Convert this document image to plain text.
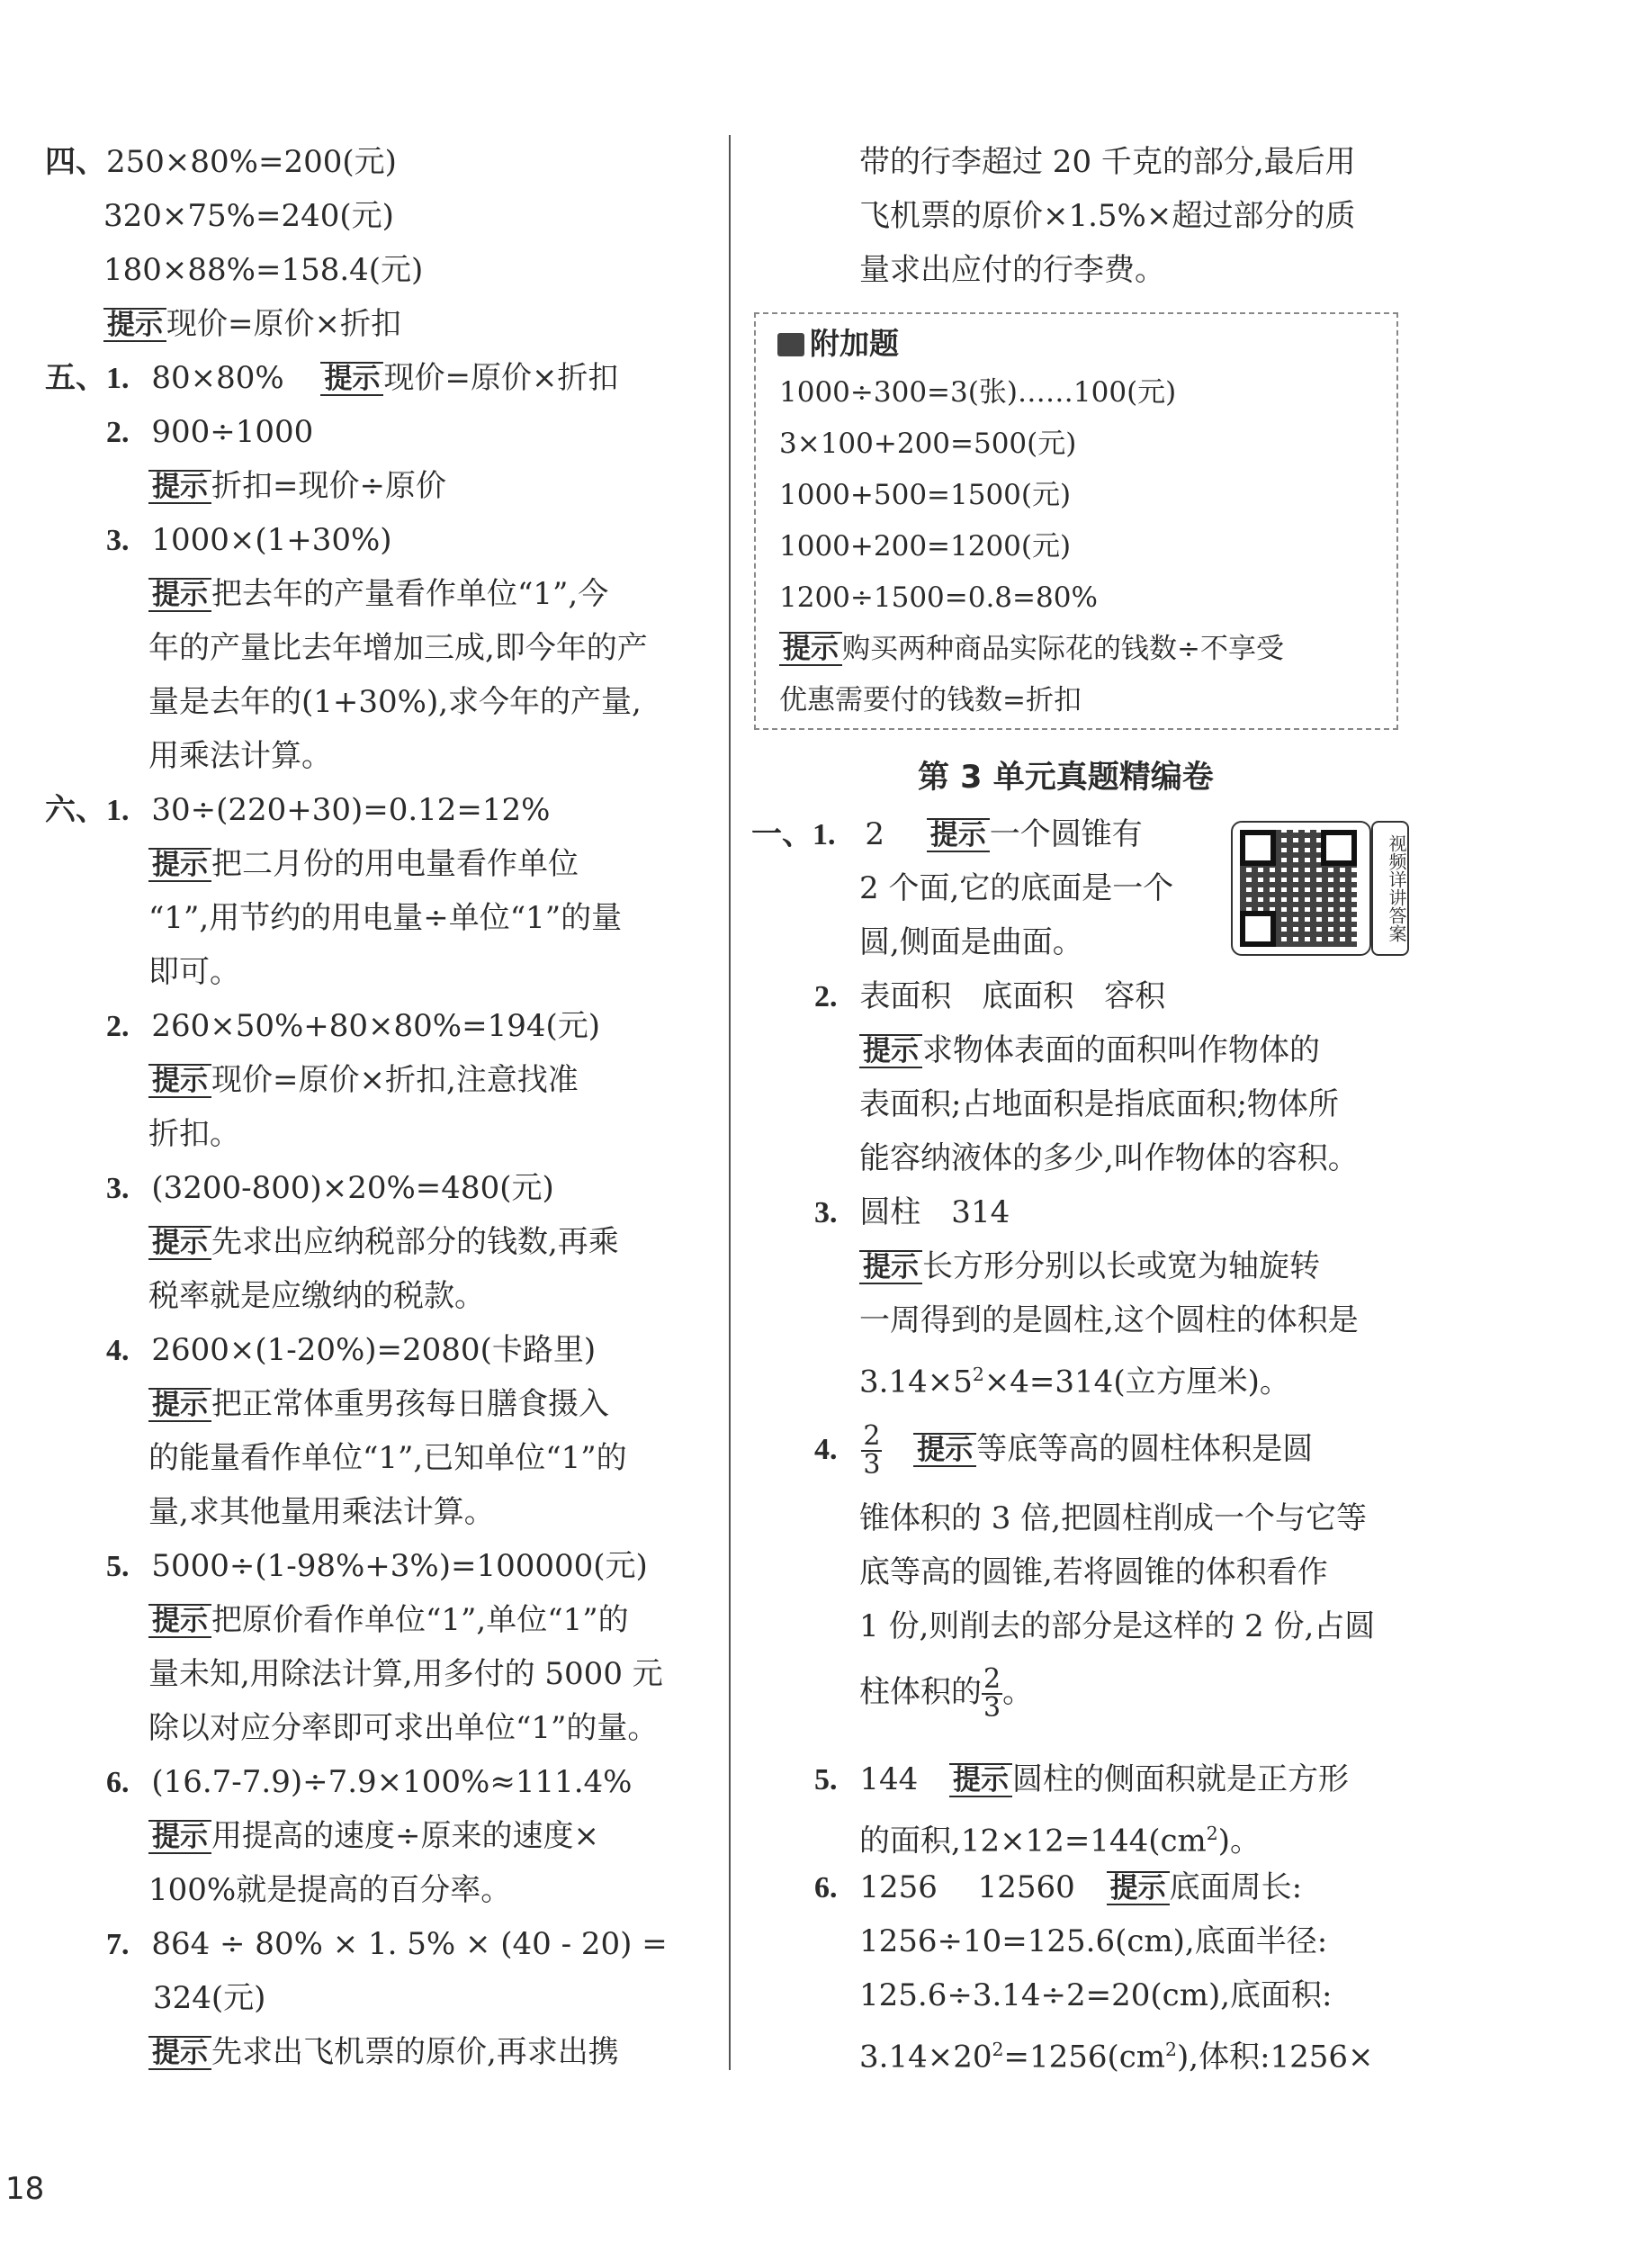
四、250×80%=200(元)
320×75%=240(元)
180×88%=158.4(元)
提示 现价=原价×折扣
五、1. 80×80% 提示 现价=原价×折扣
2. 900÷1000
提示 折扣=现价÷原价
3. 1000×(1+30%)
提示 把去年的产量看作单位“1”,今
年的产量比去年增加三成,即今年的产
量是去年的(1+30%),求今年的产量,
用乘法计算。
六、1. 30÷(220+30)=0.12=12%
提示 把二月份的用电量看作单位
“1”,用节约的用电量÷单位“1”的量
即可。
2. 260×50%+80×80%=194(元)
提示 现价=原价×折扣,注意找准
折扣。
3. (3200-800)×20%=480(元)
提示 先求出应纳税部分的钱数,再乘
税率就是应缴纳的税款。
4. 2600×(1-20%)=2080(卡路里)
提示 把正常体重男孩每日膳食摄入
的能量看作单位“1”,已知单位“1”的
量,求其他量用乘法计算。
5. 5000÷(1-98%+3%)=100000(元)
提示 把原价看作单位“1”,单位“1”的
量未知,用除法计算,用多付的 5000 元
除以对应分率即可求出单位“1”的量。
6. (16.7-7.9)÷7.9×100%≈111.4%
提示 用提高的速度÷原来的速度×
100%就是提高的百分率。
7. 864 ÷ 80% × 1. 5% × (40 - 20) =
324(元)
提示 先求出飞机票的原价,再求出携
带的行李超过 20 千克的部分,最后用
飞机票的原价×1.5%×超过部分的质
量求出应付的行李费。
附加题
1000÷300=3(张)……100(元)
3×100+200=500(元)
1000+500=1500(元)
1000+200=1200(元)
1200÷1500=0.8=80%
提示 购买两种商品实际花的钱数÷不享受
优惠需要付的钱数=折扣
第 3 单元真题精编卷
视频详讲答案
一、1. 2 提示 一个圆锥有
2 个面,它的底面是一个
圆,侧面是曲面。
2. 表面积　底面积　容积
提示 求物体表面的面积叫作物体的
表面积;占地面积是指底面积;物体所
能容纳液体的多少,叫作物体的容积。
3. 圆柱　314
提示 长方形分别以长或宽为轴旋转
一周得到的是圆柱,这个圆柱的体积是
$3.14\times 5^2\times 4=314$(立方厘米)。
4. $\frac{2}{3}$ 提示 等底等高的圆柱体积是圆
锥体积的 3 倍,把圆柱削成一个与它等
底等高的圆锥,若将圆锥的体积看作
1 份,则削去的部分是这样的 2 份,占圆
柱体积的 $\frac{2}{3}$ 。
5. 144 提示 圆柱的侧面积就是正方形
的面积$,12\times 12=144(cm^2)$。
6. 1256　 12560 提示 底面周长:
1256÷10=125.6(cm),底面半径:
125.6÷3.14÷2=20(cm),底面积:
$3.14\times 20^2=1256(cm^2)$,体积:1256×
18
